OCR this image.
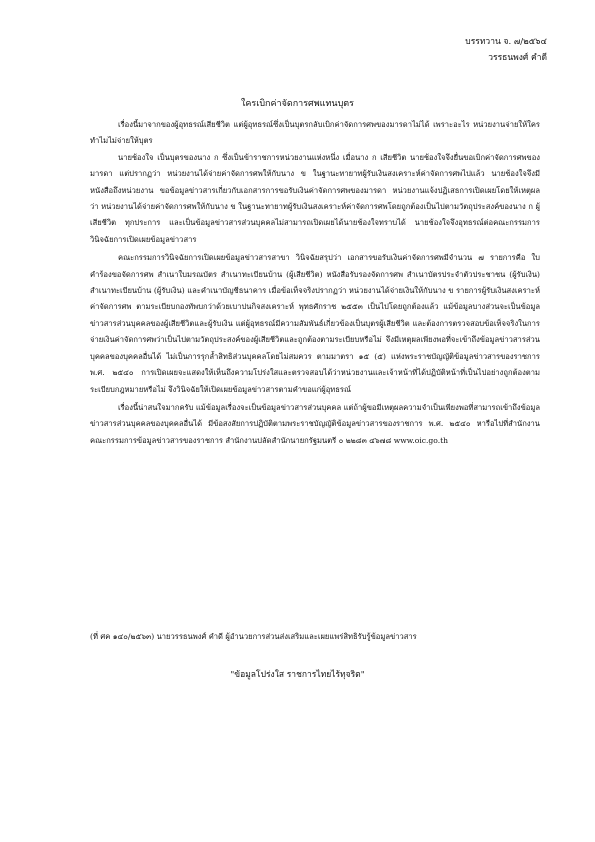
บรรทวาน จ. ๗/๒๕๖๔
วรรธนพงศ์ คำดี
ใครเบิกค่าจัดการศพแทนบุตร

เรื่องนี้มาจากของผู้อุทธรณ์เสียชีวิต แต่ผู้อุทธรณ์ซึ่งเป็นบุตรกลับเบิกค่าจัดการศพของมารดาไม่ได้ เพราะอะไร หน่วยงานจ่ายให้ใคร ทำไมไม่จ่ายให้บุตร

นายช้องใจ เป็นบุตรของนาง ก ซึ่งเป็นข้าราชการหน่วยงานแห่งหนึ่ง เมื่อนาง ก เสียชีวิต นายช้องใจจึงยื่นขอเบิกค่าจัดการศพของมารดา แต่ปรากฏว่า หน่วยงานได้จ่ายค่าจัดการศพให้กับนาง ข ในฐานะทายาทผู้รับเงินสงเคราะห์ค่าจัดการศพไปแล้ว นายช้องใจจึงมีหนังสือถึงหน่วยงาน ขอข้อมูลข่าวสารเกี่ยวกับเอกสารการขอรับเงินค่าจัดการศพของมารดา หน่วยงานแจ้งปฏิเสธการเปิดเผยโดยให้เหตุผลว่า หน่วยงานได้จ่ายค่าจัดการศพให้กับนาง ข ในฐานะทายาทผู้รับเงินสงเคราะห์ค่าจัดการศพโดยถูกต้องเป็นไปตามวัตถุประสงค์ของนาง ก ผู้เสียชีวิต ทุกประการ และเป็นข้อมูลข่าวสารส่วนบุคคลไม่สามารถเปิดเผยได้นายช้องใจทราบได้ นายช้องใจจึงอุทธรณ์ต่อคณะกรรมการวินิจฉัยการเปิดเผยข้อมูลข่าวสาร

คณะกรรมการวินิจฉัยการเปิดเผยข้อมูลข่าวสารสาขา วินิจฉัยสรุปว่า เอกสารขอรับเงินค่าจัดการศพมีจำนวน ๗ รายการคือ ใบคำร้องขอจัดการศพ สำเนาใบมรณบัตร สำเนาทะเบียนบ้าน (ผู้เสียชีวิต) หนังสือรับรองจัดการศพ สำเนาบัตรประจำตัวประชาชน (ผู้รับเงิน) สำเนาทะเบียนบ้าน (ผู้รับเงิน) และคำเนาบัญชีธนาคาร เมื่อข้อเท็จจริงปรากฏว่า หน่วยงานได้จ่ายเงินให้กับนาง ข รายการผู้รับเงินสงเคราะห์ค่าจัดการศพ ตามระเบียบกองทัพบกว่าด้วยเบาปนกิจสงเคราะห์ พุทธศักราช ๒๕๕๓ เป็นไปโดยถูกต้องแล้ว แม้ข้อมูลบางส่วนจะเป็นข้อมูลข่าวสารส่วนบุคคลของผู้เสียชีวิตและผู้รับเงิน แต่ผู้อุทธรณ์มีความสัมพันธ์เกี่ยวข้องเป็นบุตรผู้เสียชีวิต และต้องการตรวจสอบข้อเท็จจริงในการจ่ายเงินค่าจัดการศพว่าเป็นไปตามวัตถุประสงค์ของผู้เสียชีวิตและถูกต้องตามระเบียบหรือไม่ จึงมีเหตุผลเพียงพอที่จะเข้าถึงข้อมูลข่าวสารส่วนบุคคลของบุคคลอื่นได้ ไม่เป็นการรุกล้ำสิทธิส่วนบุคคลโดยไม่สมควร ตามมาตรา ๑๕ (๕) แห่งพระราชบัญญัติข้อมูลข่าวสารของราชการ พ.ศ. ๒๕๔๐ การเปิดเผยจะแสดงให้เห็นถึงความโปร่งใสและตรวจสอบได้ว่าหน่วยงานและเจ้าหน้าที่ได้ปฏิบัติหน้าที่เป็นไปอย่างถูกต้องตามระเบียบกฎหมายหรือไม่ จึงวินิจฉัยให้เปิดเผยข้อมูลข่าวสารตามคำขอแก่ผู้อุทธรณ์

เรื่องนี้น่าสนใจมากครับ แม้ข้อมูลเรื่องจะเป็นข้อมูลข่าวสารส่วนบุคคล แต่ถ้าผู้ขอมีเหตุผลความจำเป็นเพียงพอที่สามารถเข้าถึงข้อมูลข่าวสารส่วนบุคคลของบุคคลอื่นได้ มีข้อสงสัยการปฏิบัติตามพระราชบัญญัติข้อมูลข่าวสารของราชการ พ.ศ. ๒๕๔๐ หารือไปที่สำนักงานคณะกรรมการข้อมูลข่าวสารของราชการ สำนักงานปลัดสำนักนายกรัฐมนตรี ๐ ๒๒๘๓ ๔๖๗๘ www.oic.go.th

(ที่ ศค ๑๔๐/๒๕๖๓) นายวรรธนพงศ์ คำดี ผู้อำนวยการส่วนส่งเสริมและเผยแพร่สิทธิรับรู้ข้อมูลข่าวสาร
"ข้อมูลโปร่งใส ราชการไทยไร้ทุจริต"
